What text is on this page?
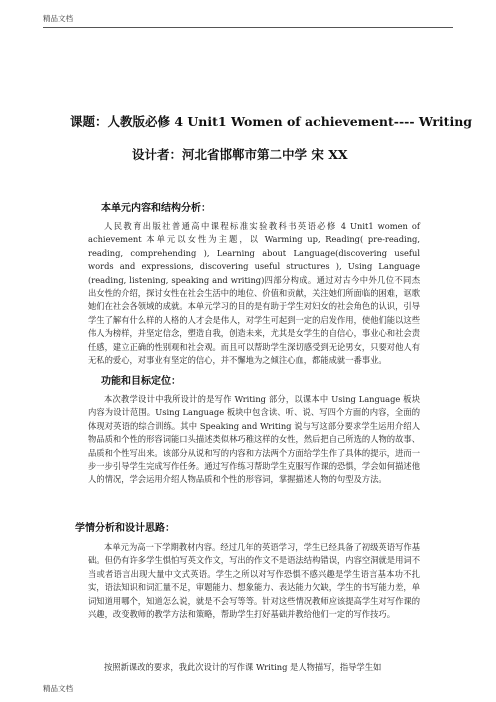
精品文档
课题：人教版必修 4 Unit1 Women of achievement---- Writing
设计者：河北省邯郸市第二中学 宋 XX
本单元内容和结构分析：
人民教育出版社普通高中课程标准实验教科书英语必修 4 Unit1 women of achievement 本单元以女性为主题，以 Warming up, Reading( pre-reading, reading, comprehending ), Learning about Language(discovering useful words and expressions, discovering useful structures ), Using Language (reading, listening, speaking and writing)四部分构成。通过对古今中外几位不同杰出女性的介绍，探讨女性在社会生活中的地位、价值和贡献，关注她们所面临的困难，讴歌她们在社会各领域的成就。本单元学习的目的是有助于学生对妇女的社会角色的认识，引导学生了解有什么样的人格的人才会是伟人，对学生可起到一定的启发作用，使他们能以这些伟人为榜样，并坚定信念，塑造自我，创造未来，尤其是女学生的自信心，事业心和社会责任感，建立正确的性别观和社会观。而且可以帮助学生深切感受到无论男女，只要对他人有无私的爱心，对事业有坚定的信心，并不懈地为之倾注心血，都能成就一番事业。
功能和目标定位：
本次教学设计中我所设计的是写作 Writing 部分，以课本中 Using Language 板块内容为设计范围。Using Language 板块中包含读、听、说、写四个方面的内容，全面的体现对英语的综合训练。其中 Speaking and Writing 说与写这部分要求学生运用介绍人物品质和个性的形容词能口头描述类似林巧稚这样的女性，然后把自己所选的人物的故事、品质和个性写出来。该部分从说和写的内容和方法两个方面给学生作了具体的提示，进而一步一步引导学生完成写作任务。通过写作练习帮助学生克服写作课的恐惧，学会如何描述他人的情况，学会运用介绍人物品质和个性的形容词，掌握描述人物的句型及方法。
学情分析和设计思路：
本单元为高一下学期教材内容。经过几年的英语学习，学生已经具备了初级英语写作基础。但仍有许多学生惧怕写英文作文，写出的作文不是语法结构错误，内容空洞就是用词不当或者语言出现大量中文式英语。学生之所以对写作恐惧不感兴趣是学生语言基本功不扎实，语法知识和词汇量不足，审题能力、想象能力、表达能力欠缺，学生的书写能力差，单词知道用哪个，知道怎么说，就是不会写等等。针对这些情况教师应该提高学生对写作课的兴趣，改变教师的教学方法和策略，帮助学生打好基础并教给他们一定的写作技巧。
按照新课改的要求，我此次设计的写作课 Writing 是人物描写，指导学生如
精品文档
